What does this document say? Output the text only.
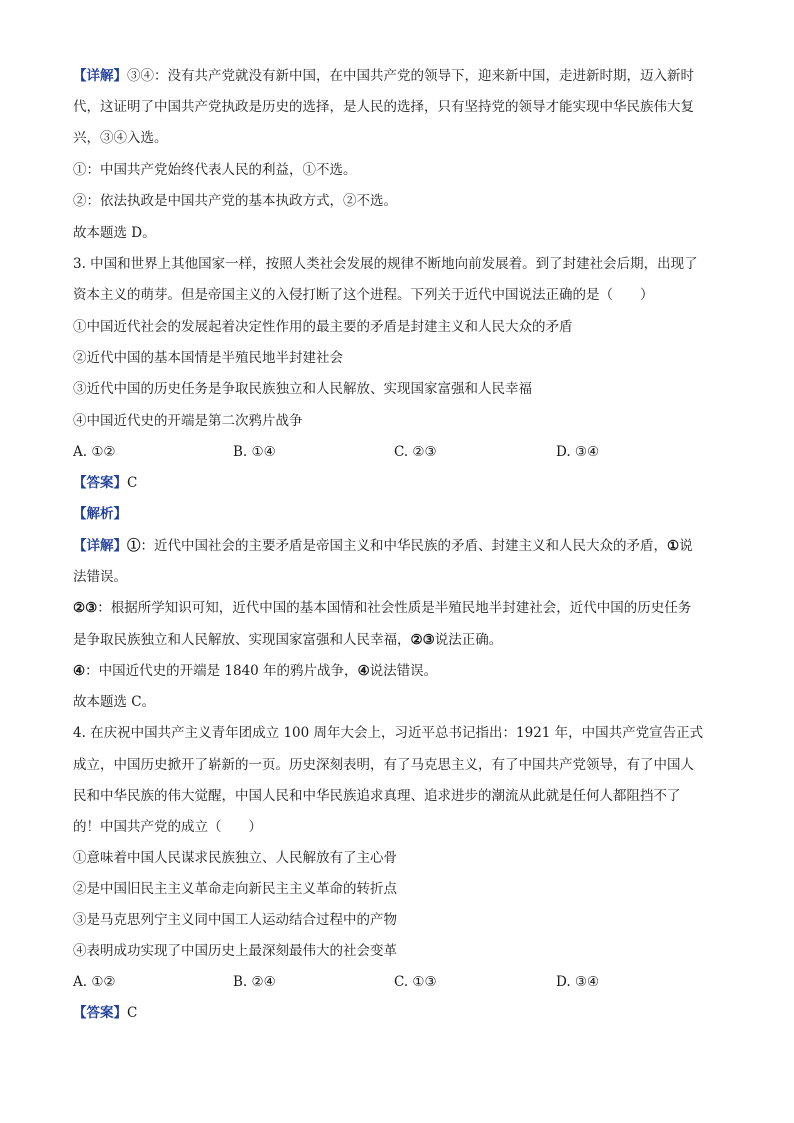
【详解】③④：没有共产党就没有新中国，在中国共产党的领导下，迎来新中国，走进新时期，迈入新时
代，这证明了中国共产党执政是历史的选择，是人民的选择，只有坚持党的领导才能实现中华民族伟大复
兴，③④入选。
①：中国共产党始终代表人民的利益，①不选。
②：依法执政是中国共产党的基本执政方式，②不选。
故本题选 D。
3. 中国和世界上其他国家一样，按照人类社会发展的规律不断地向前发展着。到了封建社会后期，出现了
资本主义的萌芽。但是帝国主义的入侵打断了这个进程。下列关于近代中国说法正确的是（　　）
①中国近代社会的发展起着决定性作用的最主要的矛盾是封建主义和人民大众的矛盾
②近代中国的基本国情是半殖民地半封建社会
③近代中国的历史任务是争取民族独立和人民解放、实现国家富强和人民幸福
④中国近代史的开端是第二次鸦片战争
A. ①②	B. ①④	C. ②③	D. ③④
【答案】C
【解析】
【详解】①：近代中国社会的主要矛盾是帝国主义和中华民族的矛盾、封建主义和人民大众的矛盾，①说
法错误。
②③：根据所学知识可知，近代中国的基本国情和社会性质是半殖民地半封建社会，近代中国的历史任务
是争取民族独立和人民解放、实现国家富强和人民幸福，②③说法正确。
④：中国近代史的开端是 1840 年的鸦片战争，④说法错误。
故本题选 C。
4. 在庆祝中国共产主义青年团成立 100 周年大会上，习近平总书记指出：1921 年，中国共产党宣告正式
成立，中国历史掀开了崭新的一页。历史深刻表明，有了马克思主义，有了中国共产党领导，有了中国人
民和中华民族的伟大觉醒，中国人民和中华民族追求真理、追求进步的潮流从此就是任何人都阻挡不了
的！中国共产党的成立（　　）
①意味着中国人民谋求民族独立、人民解放有了主心骨
②是中国旧民主主义革命走向新民主主义革命的转折点
③是马克思列宁主义同中国工人运动结合过程中的产物
④表明成功实现了中国历史上最深刻最伟大的社会变革
A. ①②	B. ②④	C. ①③	D. ③④
【答案】C
